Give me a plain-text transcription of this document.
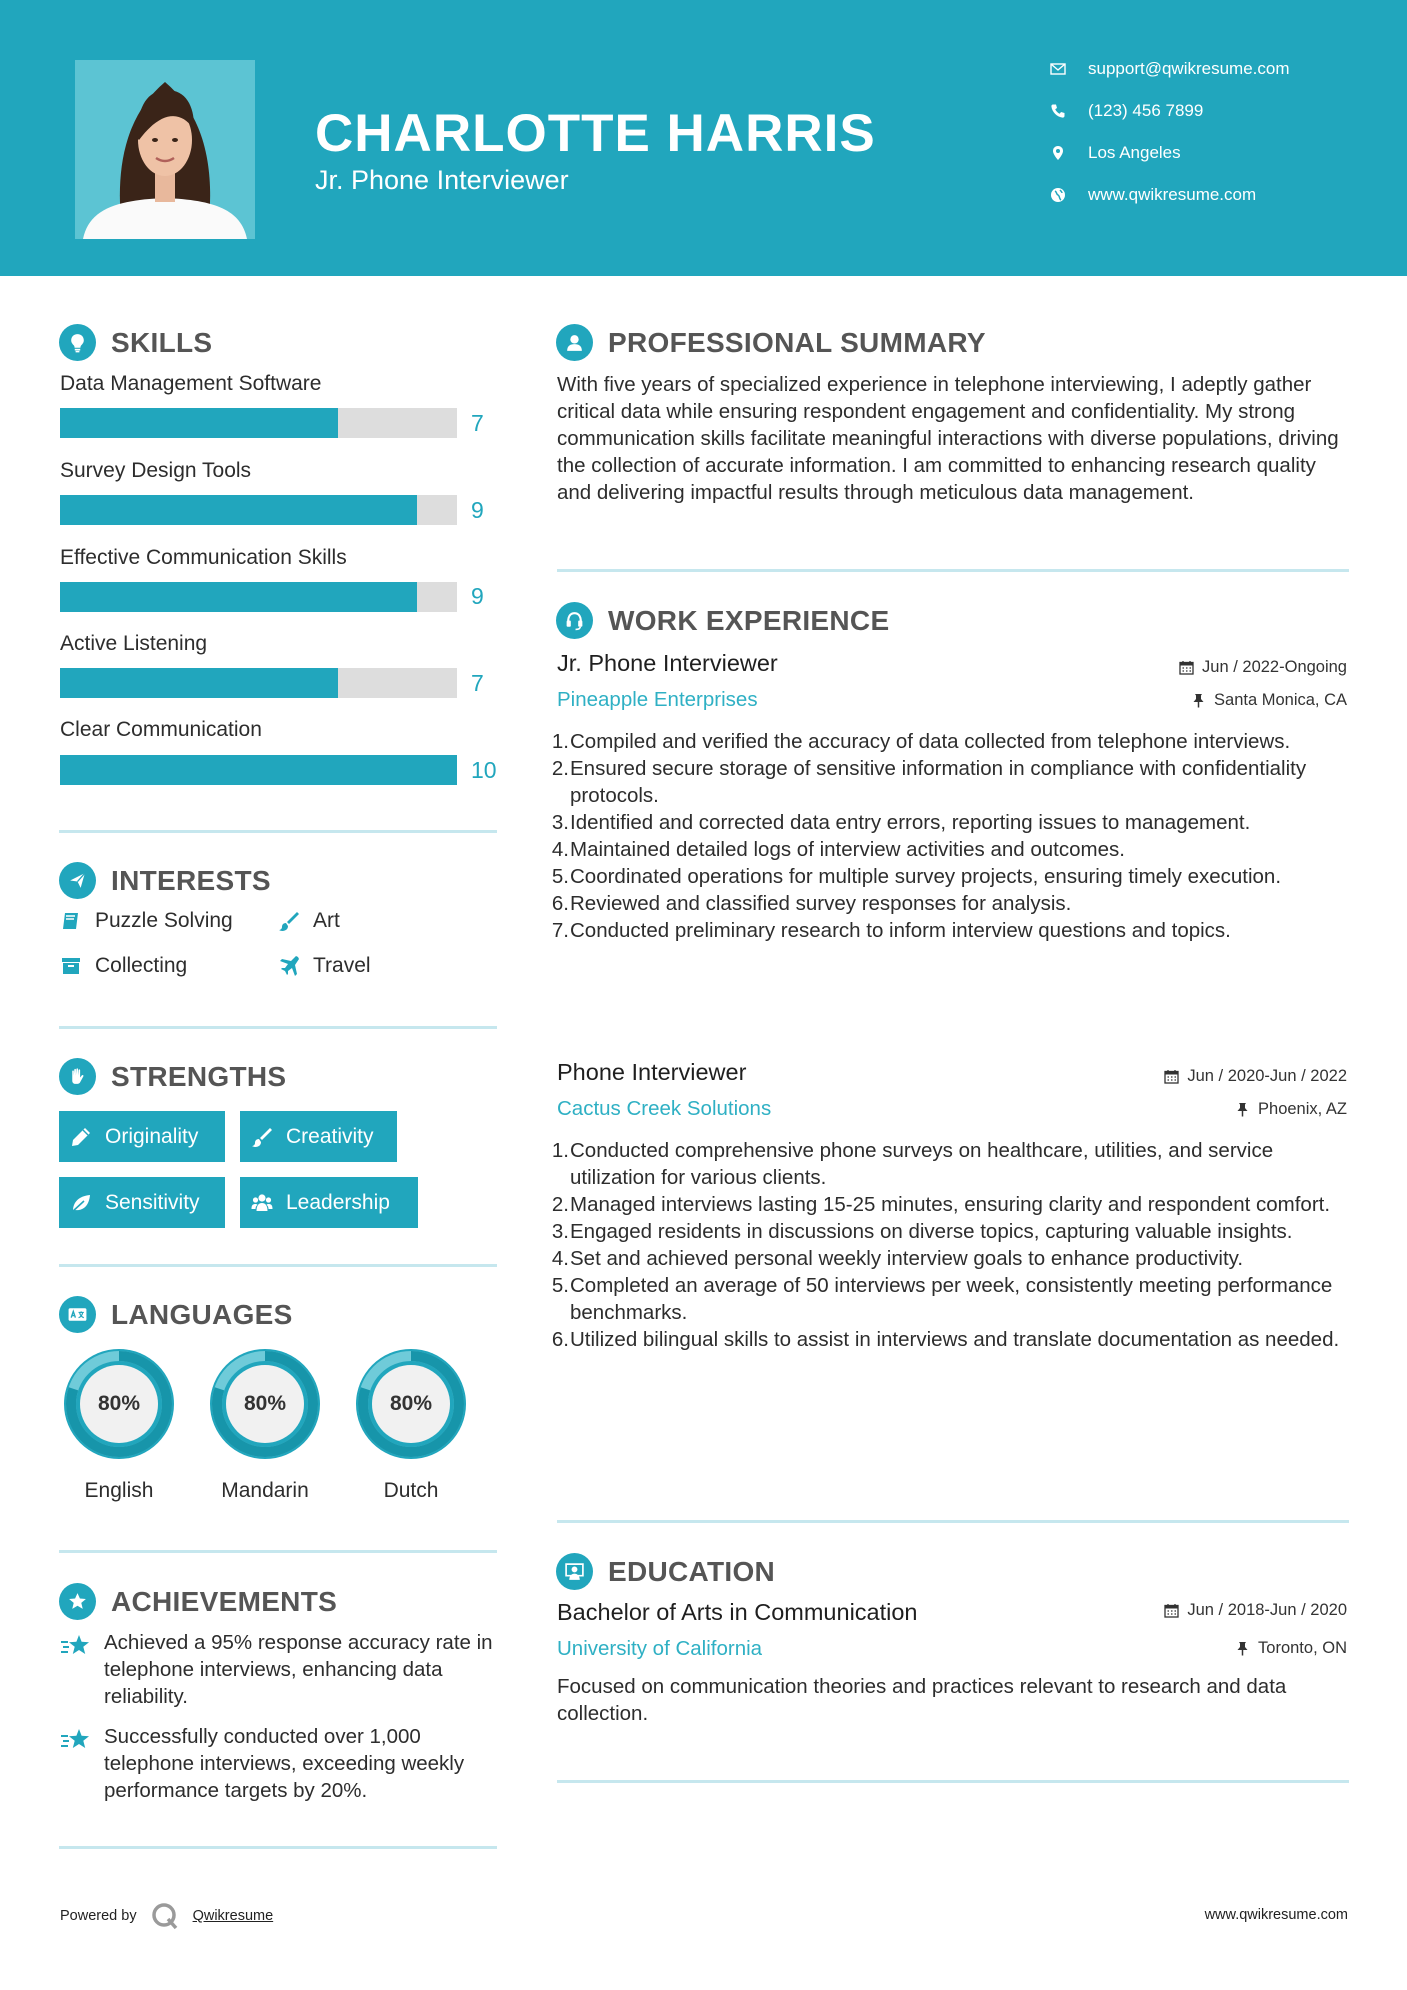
CHARLOTTE HARRIS
Jr. Phone Interviewer
support@qwikresume.com
(123) 456 7899
Los Angeles
www.qwikresume.com
SKILLS
Data Management Software
7
Survey Design Tools
9
Effective Communication Skills
9
Active Listening
7
Clear Communication
10
INTERESTS
Puzzle Solving	Art
Collecting	Travel
STRENGTHS
Originality	Creativity
Sensitivity	Leadership
LANGUAGES
80%
English
80%
Mandarin
80%
Dutch
ACHIEVEMENTS
Achieved a 95% response accuracy rate in telephone interviews, enhancing data reliability.
Successfully conducted over 1,000 telephone interviews, exceeding weekly performance targets by 20%.
PROFESSIONAL SUMMARY
With five years of specialized experience in telephone interviewing, I adeptly gather critical data while ensuring respondent engagement and confidentiality. My strong communication skills facilitate meaningful interactions with diverse populations, driving the collection of accurate information. I am committed to enhancing research quality and delivering impactful results through meticulous data management.
WORK EXPERIENCE
Jr. Phone Interviewer	Jun / 2022-Ongoing
Pineapple Enterprises	Santa Monica, CA
1. Compiled and verified the accuracy of data collected from telephone interviews.
2. Ensured secure storage of sensitive information in compliance with confidentiality protocols.
3. Identified and corrected data entry errors, reporting issues to management.
4. Maintained detailed logs of interview activities and outcomes.
5. Coordinated operations for multiple survey projects, ensuring timely execution.
6. Reviewed and classified survey responses for analysis.
7. Conducted preliminary research to inform interview questions and topics.
Phone Interviewer	Jun / 2020-Jun / 2022
Cactus Creek Solutions	Phoenix, AZ
1. Conducted comprehensive phone surveys on healthcare, utilities, and service utilization for various clients.
2. Managed interviews lasting 15-25 minutes, ensuring clarity and respondent comfort.
3. Engaged residents in discussions on diverse topics, capturing valuable insights.
4. Set and achieved personal weekly interview goals to enhance productivity.
5. Completed an average of 50 interviews per week, consistently meeting performance benchmarks.
6. Utilized bilingual skills to assist in interviews and translate documentation as needed.
EDUCATION
Bachelor of Arts in Communication	Jun / 2018-Jun / 2020
University of California	Toronto, ON
Focused on communication theories and practices relevant to research and data collection.
Powered by	Qwikresume	www.qwikresume.com
